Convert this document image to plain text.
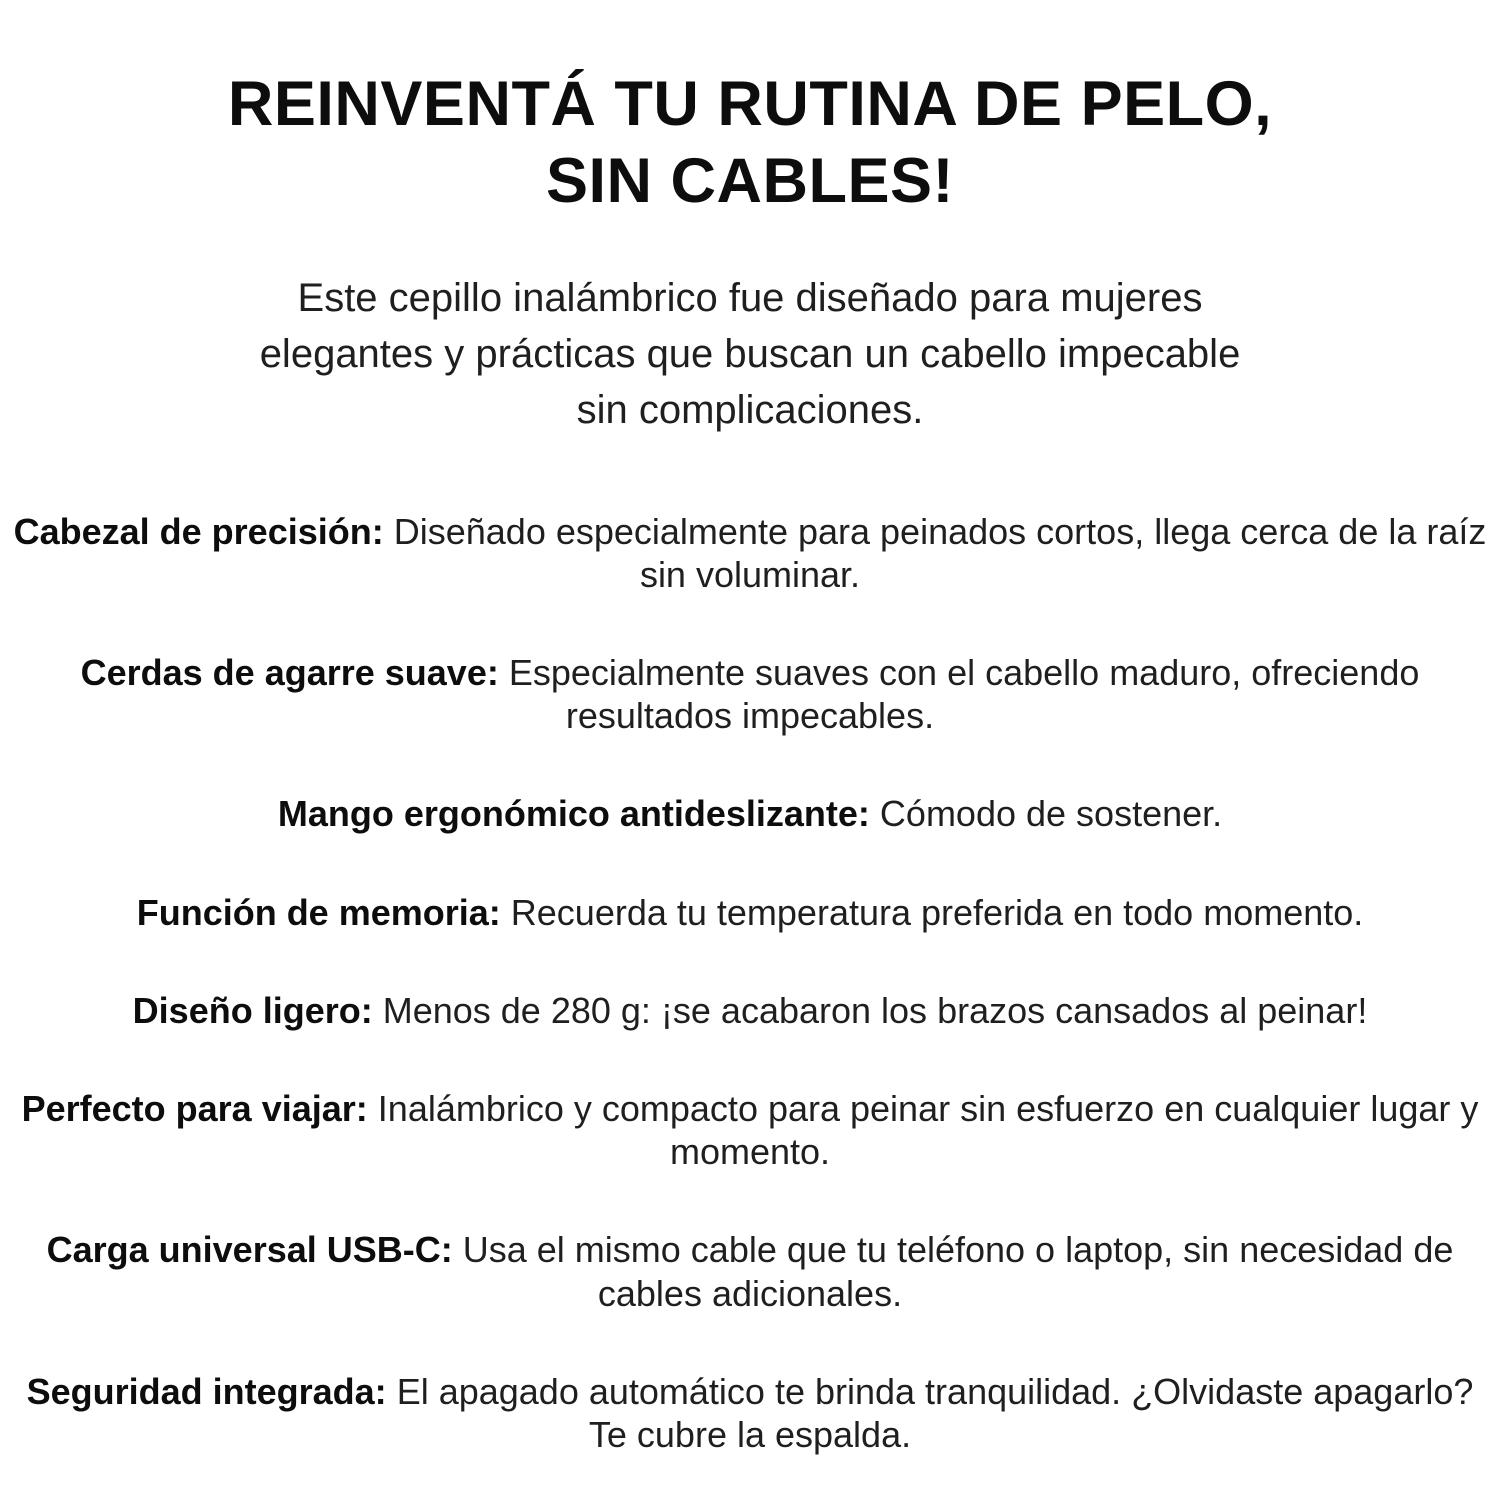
REINVENTÁ TU RUTINA DE PELO,
SIN CABLES!

Este cepillo inalámbrico fue diseñado para mujeres
elegantes y prácticas que buscan un cabello impecable
sin complicaciones.

Cabezal de precisión: Diseñado especialmente para peinados cortos, llega cerca de la raíz sin voluminar.

Cerdas de agarre suave: Especialmente suaves con el cabello maduro, ofreciendo resultados impecables.

Mango ergonómico antideslizante: Cómodo de sostener.

Función de memoria: Recuerda tu temperatura preferida en todo momento.

Diseño ligero: Menos de 280 g: ¡se acabaron los brazos cansados al peinar!

Perfecto para viajar: Inalámbrico y compacto para peinar sin esfuerzo en cualquier lugar y momento.

Carga universal USB-C: Usa el mismo cable que tu teléfono o laptop, sin necesidad de cables adicionales.

Seguridad integrada: El apagado automático te brinda tranquilidad. ¿Olvidaste apagarlo? Te cubre la espalda.
